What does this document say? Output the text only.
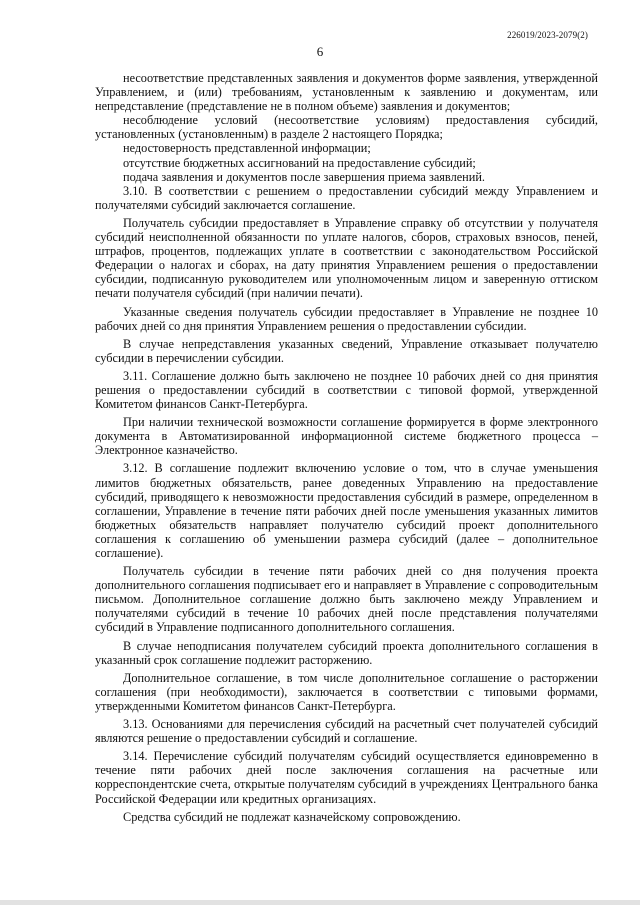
226019/2023-2079(2)
6

несоответствие представленных заявления и документов форме заявления, утвержденной Управлением, и (или) требованиям, установленным к заявлению и документам, или непредставление (представление не в полном объеме) заявления и документов;

несоблюдение условий (несоответствие условиям) предоставления субсидий, установленных (установленным) в разделе 2 настоящего Порядка;

недостоверность представленной информации;

отсутствие бюджетных ассигнований на предоставление субсидий;

подача заявления и документов после завершения приема заявлений.

3.10. В соответствии с решением о предоставлении субсидий между Управлением и получателями субсидий заключается соглашение.

Получатель субсидии предоставляет в Управление справку об отсутствии у получателя субсидий неисполненной обязанности по уплате налогов, сборов, страховых взносов, пеней, штрафов, процентов, подлежащих уплате в соответствии с законодательством Российской Федерации о налогах и сборах, на дату принятия Управлением решения о предоставлении субсидии, подписанную руководителем или уполномоченным лицом и заверенную оттиском печати получателя субсидий (при наличии печати).

Указанные сведения получатель субсидии предоставляет в Управление не позднее 10 рабочих дней со дня принятия Управлением решения о предоставлении субсидии.

В случае непредставления указанных сведений, Управление отказывает получателю субсидии в перечислении субсидии.

3.11. Соглашение должно быть заключено не позднее 10 рабочих дней со дня принятия решения о предоставлении субсидий в соответствии с типовой формой, утвержденной Комитетом финансов Санкт-Петербурга.

При наличии технической возможности соглашение формируется в форме электронного документа в Автоматизированной информационной системе бюджетного процесса – Электронное казначейство.

3.12. В соглашение подлежит включению условие о том, что в случае уменьшения лимитов бюджетных обязательств, ранее доведенных Управлению на предоставление субсидий, приводящего к невозможности предоставления субсидий в размере, определенном в соглашении, Управление в течение пяти рабочих дней после уменьшения указанных лимитов бюджетных обязательств направляет получателю субсидий проект дополнительного соглашения к соглашению об уменьшении размера субсидий (далее – дополнительное соглашение).

Получатель субсидии в течение пяти рабочих дней со дня получения проекта дополнительного соглашения подписывает его и направляет в Управление с сопроводительным письмом. Дополнительное соглашение должно быть заключено между Управлением и получателями субсидий в течение 10 рабочих дней после представления получателями субсидий в Управление подписанного дополнительного соглашения.

В случае неподписания получателем субсидий проекта дополнительного соглашения в указанный срок соглашение подлежит расторжению.

Дополнительное соглашение, в том числе дополнительное соглашение о расторжении соглашения (при необходимости), заключается в соответствии с типовыми формами, утвержденными Комитетом финансов Санкт-Петербурга.

3.13. Основаниями для перечисления субсидий на расчетный счет получателей субсидий являются решение о предоставлении субсидий и соглашение.

3.14. Перечисление субсидий получателям субсидий осуществляется единовременно в течение пяти рабочих дней после заключения соглашения на расчетные или корреспондентские счета, открытые получателям субсидий в учреждениях Центрального банка Российской Федерации или кредитных организациях.

Средства субсидий не подлежат казначейскому сопровождению.
